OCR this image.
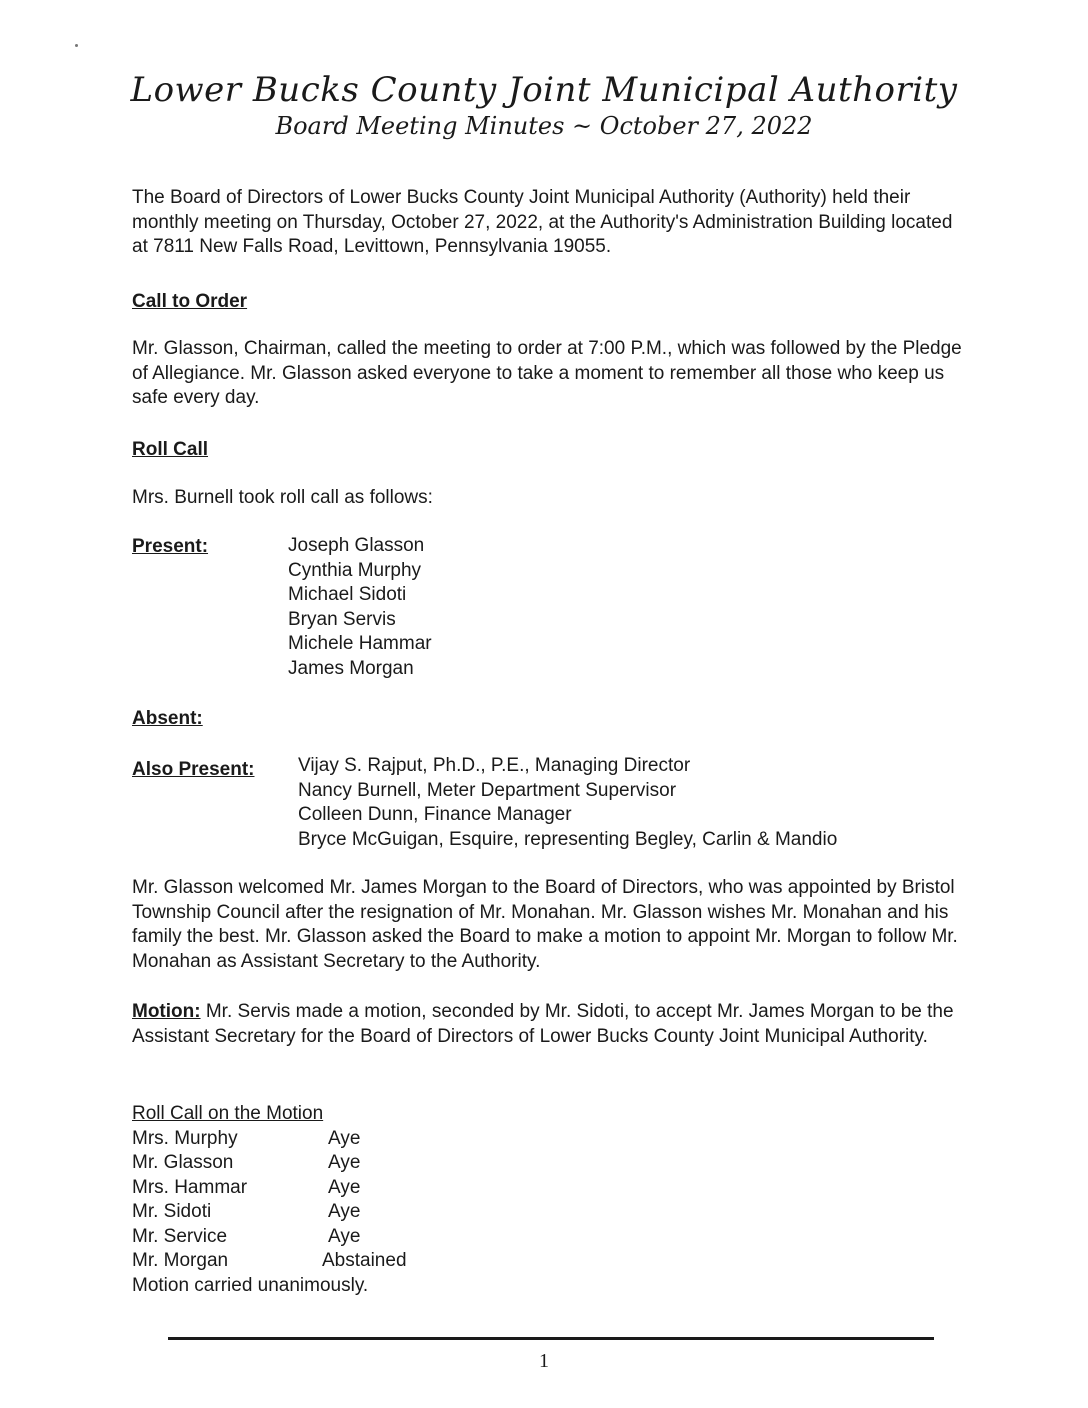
Lower Bucks County Joint Municipal Authority
Board Meeting Minutes ~ October 27, 2022

The Board of Directors of Lower Bucks County Joint Municipal Authority (Authority) held their monthly meeting on Thursday, October 27, 2022, at the Authority's Administration Building located at 7811 New Falls Road, Levittown, Pennsylvania 19055.

Call to Order

Mr. Glasson, Chairman, called the meeting to order at 7:00 P.M., which was followed by the Pledge of Allegiance. Mr. Glasson asked everyone to take a moment to remember all those who keep us safe every day.

Roll Call

Mrs. Burnell took roll call as follows:

Present:	Joseph Glasson
Cynthia Murphy
Michael Sidoti
Bryan Servis
Michele Hammar
James Morgan
Absent:
Also Present: Vijay S. Rajput, Ph.D., P.E., Managing Director
Nancy Burnell, Meter Department Supervisor
Colleen Dunn, Finance Manager
Bryce McGuigan, Esquire, representing Begley, Carlin & Mandio

Mr. Glasson welcomed Mr. James Morgan to the Board of Directors, who was appointed by Bristol Township Council after the resignation of Mr. Monahan. Mr. Glasson wishes Mr. Monahan and his family the best. Mr. Glasson asked the Board to make a motion to appoint Mr. Morgan to follow Mr. Monahan as Assistant Secretary to the Authority.

Motion: Mr. Servis made a motion, seconded by Mr. Sidoti, to accept Mr. James Morgan to be the Assistant Secretary for the Board of Directors of Lower Bucks County Joint Municipal Authority.

Roll Call on the Motion
Mrs. Murphy	Aye
Mr. Glasson	Aye
Mrs. Hammar	Aye
Mr. Sidoti	Aye
Mr. Service	Aye
Mr. Morgan	Abstained
Motion carried unanimously.
1
